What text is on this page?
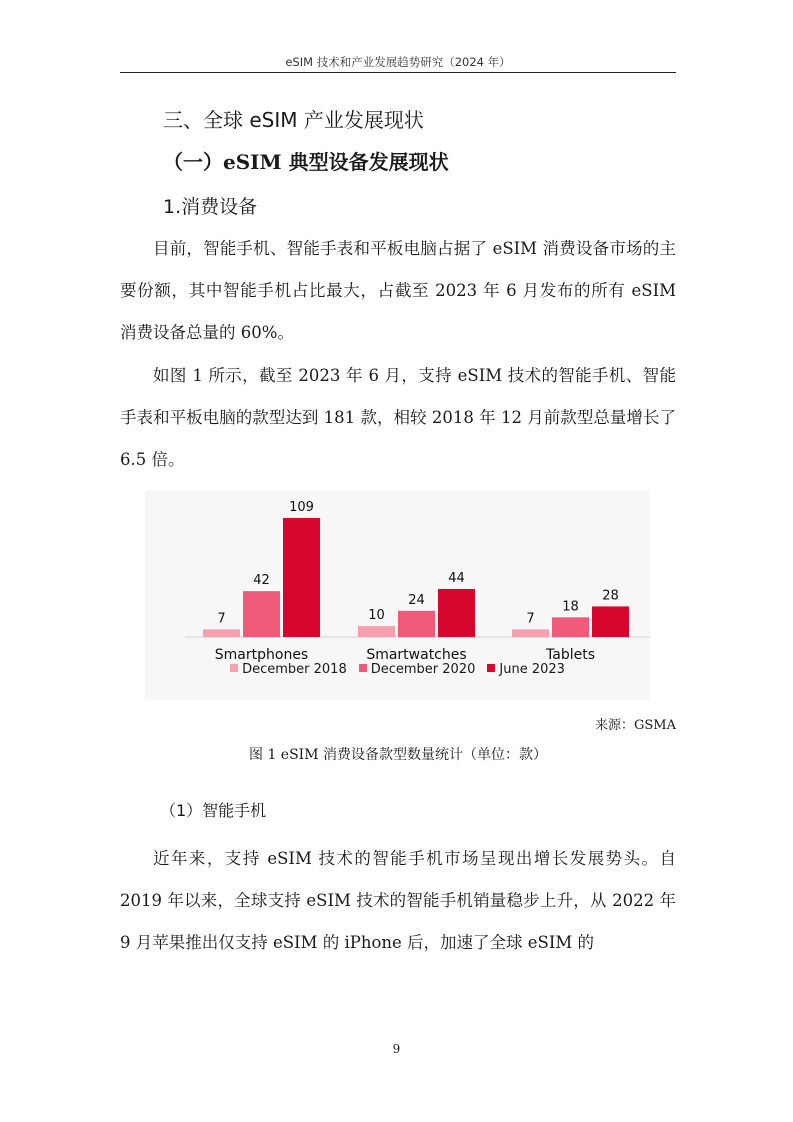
eSIM 技术和产业发展趋势研究（2024 年）
三、全球 eSIM 产业发展现状
（一）eSIM 典型设备发展现状
1.消费设备
目前，智能手机、智能手表和平板电脑占据了 eSIM 消费设备市场的主要份额，其中智能手机占比最大，占截至 2023 年 6 月发布的所有 eSIM 消费设备总量的 60%。
如图 1 所示，截至 2023 年 6 月，支持 eSIM 技术的智能手机、智能手表和平板电脑的款型达到 181 款，相较 2018 年 12 月前款型总量增长了 6.5 倍。
7
42
109
Smartphones
10
24
44
Smartwatches
7
18
28
Tablets
December 2018 December 2020 June 2023
来源：GSMA
图 1 eSIM 消费设备款型数量统计（单位：款）
（1）智能手机
近年来，支持 eSIM 技术的智能手机市场呈现出增长发展势头。自 2019 年以来，全球支持 eSIM 技术的智能手机销量稳步上升，从 2022 年 9 月苹果推出仅支持 eSIM 的 iPhone 后，加速了全球 eSIM 的
9
